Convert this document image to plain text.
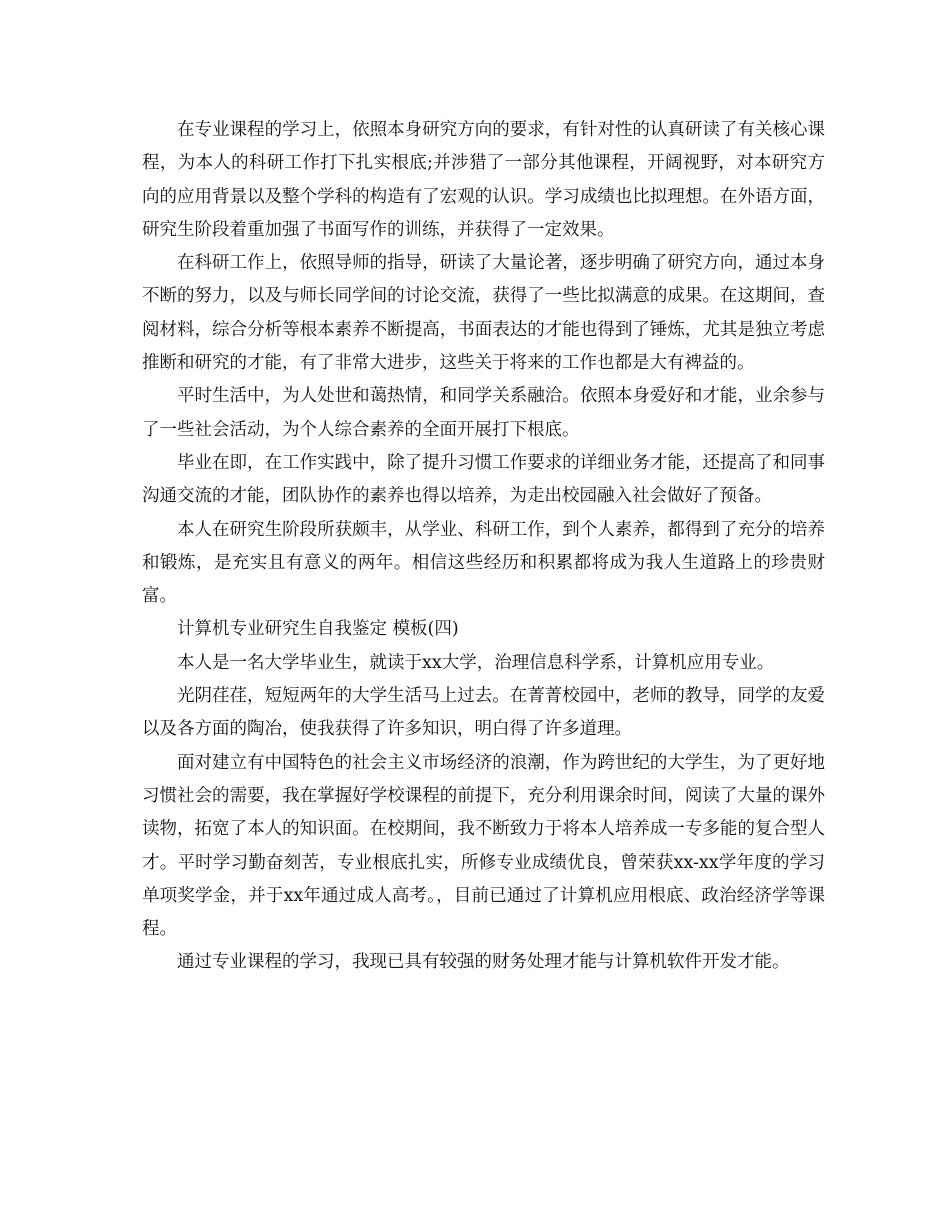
在专业课程的学习上，依照本身研究方向的要求，有针对性的认真研读了有关核心课程，为本人的科研工作打下扎实根底;并涉猎了一部分其他课程，开阔视野，对本研究方向的应用背景以及整个学科的构造有了宏观的认识。学习成绩也比拟理想。在外语方面，研究生阶段着重加强了书面写作的训练，并获得了一定效果。

在科研工作上，依照导师的指导，研读了大量论著，逐步明确了研究方向，通过本身不断的努力，以及与师长同学间的讨论交流，获得了一些比拟满意的成果。在这期间，查阅材料，综合分析等根本素养不断提高，书面表达的才能也得到了锤炼，尤其是独立考虑推断和研究的才能，有了非常大进步，这些关于将来的工作也都是大有裨益的。

平时生活中，为人处世和蔼热情，和同学关系融洽。依照本身爱好和才能，业余参与了一些社会活动，为个人综合素养的全面开展打下根底。

毕业在即，在工作实践中，除了提升习惯工作要求的详细业务才能，还提高了和同事沟通交流的才能，团队协作的素养也得以培养，为走出校园融入社会做好了预备。

本人在研究生阶段所获颇丰，从学业、科研工作，到个人素养，都得到了充分的培养和锻炼，是充实且有意义的两年。相信这些经历和积累都将成为我人生道路上的珍贵财富。

计算机专业研究生自我鉴定 模板(四)

本人是一名大学毕业生，就读于xx大学，治理信息科学系，计算机应用专业。

光阴荏荏，短短两年的大学生活马上过去。在菁菁校园中，老师的教导，同学的友爱以及各方面的陶冶，使我获得了许多知识，明白得了许多道理。

面对建立有中国特色的社会主义市场经济的浪潮，作为跨世纪的大学生，为了更好地习惯社会的需要，我在掌握好学校课程的前提下，充分利用课余时间，阅读了大量的课外读物，拓宽了本人的知识面。在校期间，我不断致力于将本人培养成一专多能的复合型人才。平时学习勤奋刻苦，专业根底扎实，所修专业成绩优良，曾荣获xx-xx学年度的学习单项奖学金，并于xx年通过成人高考。，目前已通过了计算机应用根底、政治经济学等课程。

通过专业课程的学习，我现已具有较强的财务处理才能与计算机软件开发才能。
